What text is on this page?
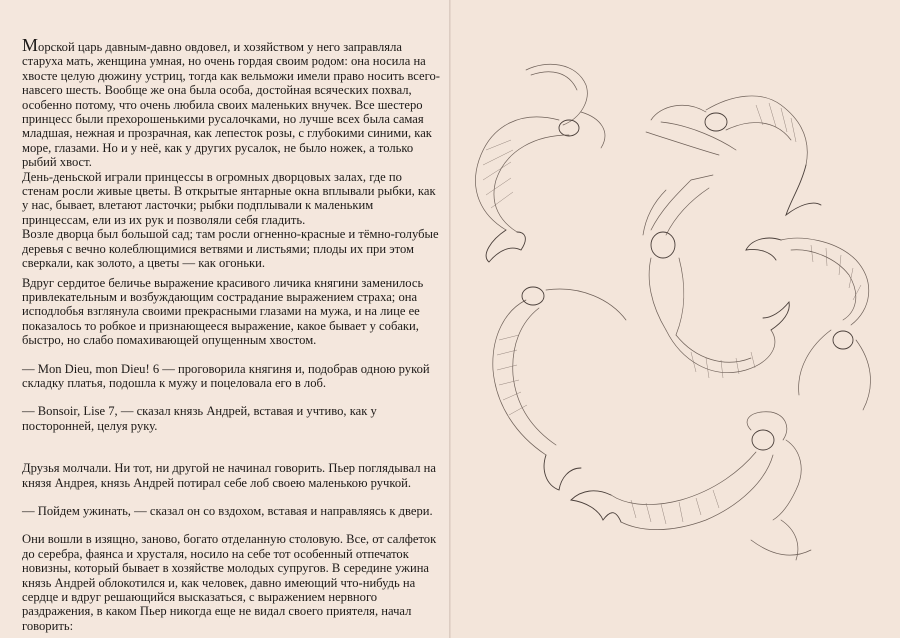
Морской царь давным-давно овдовел, и хозяйством у него заправляла старуха мать, женщина умная, но очень гордая своим родом: она носила на хвосте целую дюжину устриц, тогда как вельможи имели право носить всего-навсего шесть. Вообще же она была особа, достойная всяческих похвал, особенно потому, что очень любила своих маленьких внучек. Все шестеро принцесс были прехорошенькими русалочками, но лучше всех была самая младшая, нежная и прозрачная, как лепесток розы, с глубокими синими, как море, глазами. Но и у неё, как у других русалок, не было ножек, а только рыбий хвост.

День-деньской играли принцессы в огромных дворцовых залах, где по стенам росли живые цветы. В открытые янтарные окна вплывали рыбки, как у нас, бывает, влетают ласточки; рыбки подплывали к маленьким принцессам, ели из их рук и позволяли себя гладить.

Возле дворца был большой сад; там росли огненно-красные и тёмно-голубые деревья с вечно колеблющимися ветвями и листьями; плоды их при этом сверкали, как золото, а цветы — как огоньки.

Вдруг сердитое беличье выражение красивого личика княгини заменилось привлекательным и возбуждающим сострадание выражением страха; она исподлобья взглянула своими прекрасными глазами на мужа, и на лице ее показалось то робкое и признающееся выражение, какое бывает у собаки, быстро, но слабо помахивающей опущенным хвостом.

— Mon Dieu, mon Dieu! 6 — проговорила княгиня и, подобрав одною рукой складку платья, подошла к мужу и поцеловала его в лоб.

— Bonsoir, Lise 7, — сказал князь Андрей, вставая и учтиво, как у посторонней, целуя руку.

Друзья молчали. Ни тот, ни другой не начинал говорить. Пьер поглядывал на князя Андрея, князь Андрей потирал себе лоб своею маленькою ручкой.

— Пойдем ужинать, — сказал он со вздохом, вставая и направляясь к двери.

Они вошли в изящно, заново, богато отделанную столовую. Все, от салфеток до серебра, фаянса и хрусталя, носило на себе тот особенный отпечаток новизны, который бывает в хозяйстве молодых супругов. В середине ужина князь Андрей облокотился и, как человек, давно имеющий что-нибудь на сердце и вдруг решающийся высказаться, с выражением нервного раздражения, в каком Пьер никогда еще не видал своего приятеля, начал говорить:
